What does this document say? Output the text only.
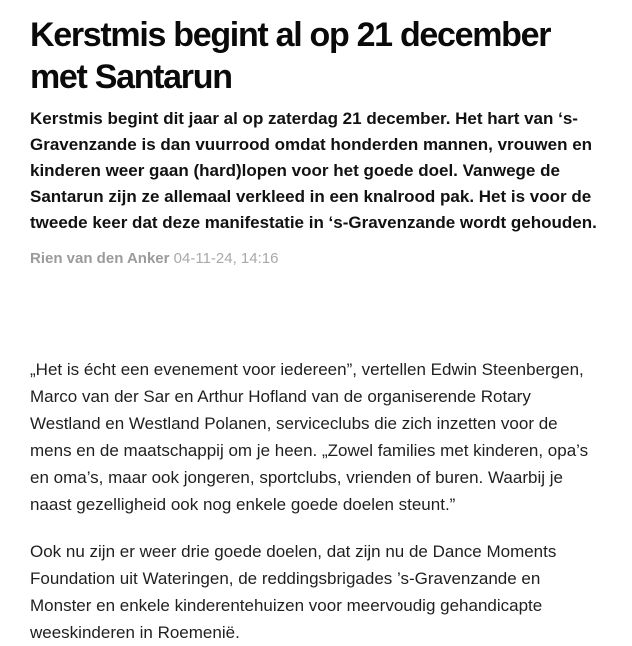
Kerstmis begint al op 21 december met Santarun

Kerstmis begint dit jaar al op zaterdag 21 december. Het hart van ‘s-Gravenzande is dan vuurrood omdat honderden mannen, vrouwen en kinderen weer gaan (hard)lopen voor het goede doel. Vanwege de Santarun zijn ze allemaal verkleed in een knalrood pak. Het is voor de tweede keer dat deze manifestatie in ‘s-Gravenzande wordt gehouden.

Rien van den Anker 04-11-24, 14:16

„Het is écht een evenement voor iedereen”, vertellen Edwin Steenbergen, Marco van der Sar en Arthur Hofland van de organiserende Rotary Westland en Westland Polanen, serviceclubs die zich inzetten voor de mens en de maatschappij om je heen. „Zowel families met kinderen, opa’s en oma’s, maar ook jongeren, sportclubs, vrienden of buren. Waarbij je naast gezelligheid ook nog enkele goede doelen steunt.”

Ook nu zijn er weer drie goede doelen, dat zijn nu de Dance Moments Foundation uit Wateringen, de reddingsbrigades ’s-Gravenzande en Monster en enkele kinderentehuizen voor meervoudig gehandicapte weeskinderen in Roemenië.
